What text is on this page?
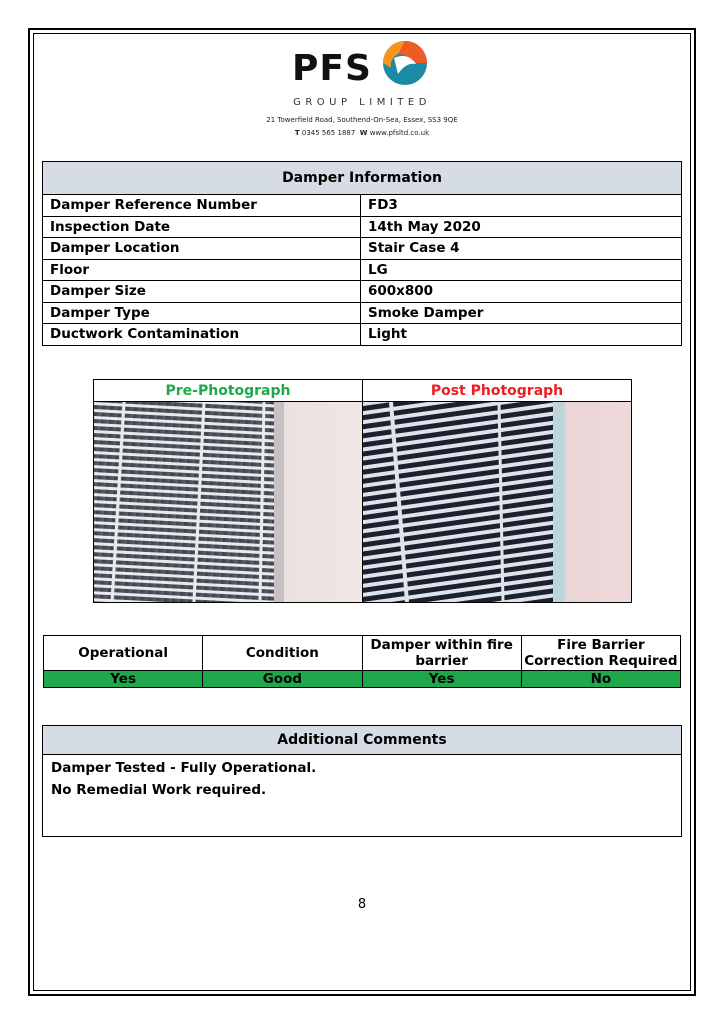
PFS
GROUP LIMITED
21 Towerfield Road, Southend-On-Sea, Essex, SS3 9QE
T 0345 565 1887 W www.pfsltd.co.uk
Damper Information	
Damper Reference Number	FD3
Inspection Date	14th May 2020
Damper Location	Stair Case 4
Floor	LG
Damper Size	600x800
Damper Type	Smoke Damper
Ductwork Contamination	Light
Pre-Photograph	Post Photograph

Operational	Condition	Damper within fire barrier	Fire Barrier Correction Required
Yes	Good	Yes	No
Additional Comments
Damper Tested - Fully Operational.
No Remedial Work required.
8
